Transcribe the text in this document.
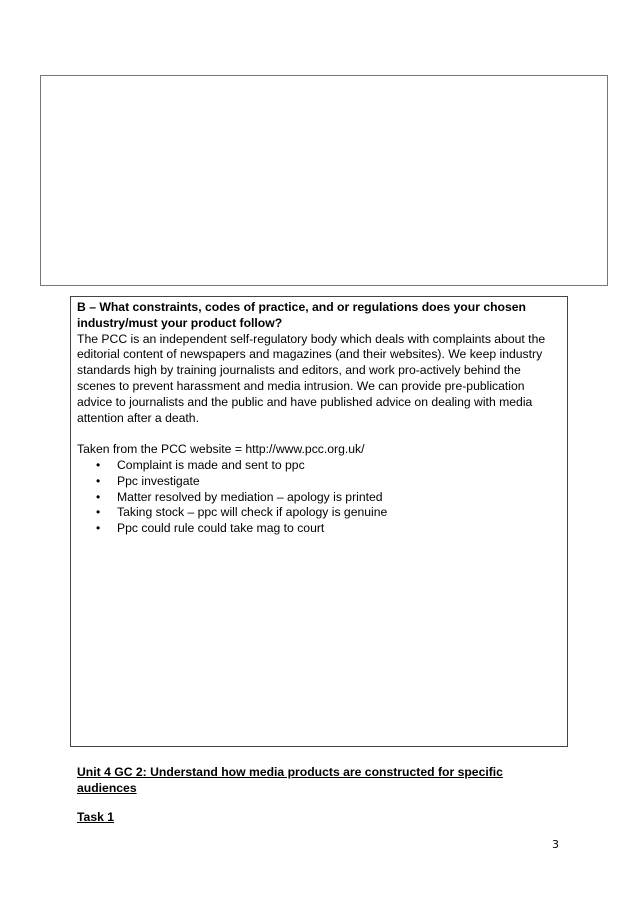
B – What constraints, codes of practice, and or regulations does your chosen industry/must your product follow?

The PCC is an independent self-regulatory body which deals with complaints about the editorial content of newspapers and magazines (and their websites). We keep industry standards high by training journalists and editors, and work pro-actively behind the scenes to prevent harassment and media intrusion. We can provide pre-publication advice to journalists and the public and have published advice on dealing with media attention after a death.

Taken from the PCC website = http://www.pcc.org.uk/

• Complaint is made and sent to ppc
• Ppc investigate
• Matter resolved by mediation – apology is printed
• Taking stock – ppc will check if apology is genuine
• Ppc could rule could take mag to court
Unit 4 GC 2: Understand how media products are constructed for specific audiences
Task 1
3
